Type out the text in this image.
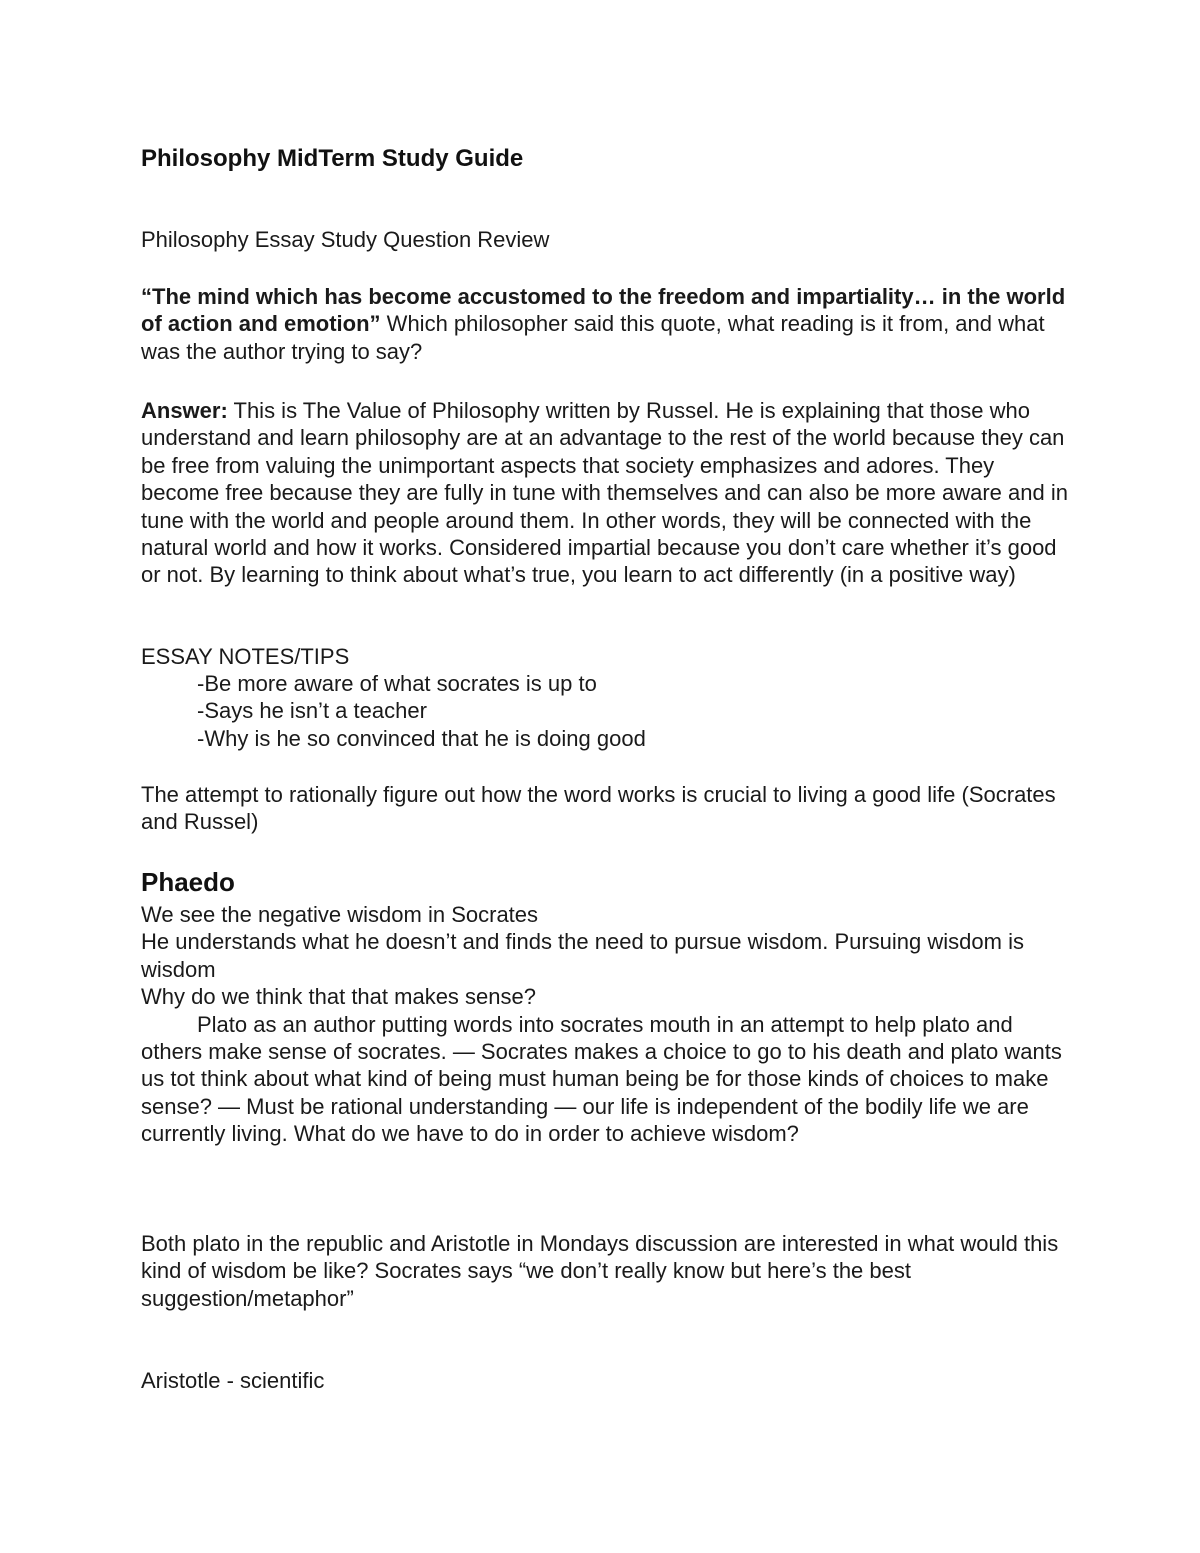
Philosophy MidTerm Study Guide

Philosophy Essay Study Question Review

“The mind which has become accustomed to the freedom and impartiality… in the world of action and emotion” Which philosopher said this quote, what reading is it from, and what was the author trying to say?

Answer: This is The Value of Philosophy written by Russel. He is explaining that those who understand and learn philosophy are at an advantage to the rest of the world because they can be free from valuing the unimportant aspects that society emphasizes and adores. They become free because they are fully in tune with themselves and can also be more aware and in tune with the world and people around them. In other words, they will be connected with the natural world and how it works. Considered impartial because you don’t care whether it’s good or not. By learning to think about what’s true, you learn to act differently (in a positive way)

ESSAY NOTES/TIPS

-Be more aware of what socrates is up to
-Says he isn’t a teacher
-Why is he so convinced that he is doing good

The attempt to rationally figure out how the word works is crucial to living a good life (Socrates and Russel)

Phaedo
We see the negative wisdom in Socrates
He understands what he doesn’t and finds the need to pursue wisdom. Pursuing wisdom is wisdom
Why do we think that that makes sense?
Plato as an author putting words into socrates mouth in an attempt to help plato and others make sense of socrates. — Socrates makes a choice to go to his death and plato wants us tot think about what kind of being must human being be for those kinds of choices to make sense? — Must be rational understanding — our life is independent of the bodily life we are currently living. What do we have to do in order to achieve wisdom?

Both plato in the republic and Aristotle in Mondays discussion are interested in what would this kind of wisdom be like? Socrates says “we don’t really know but here’s the best suggestion/metaphor”

Aristotle - scientific
